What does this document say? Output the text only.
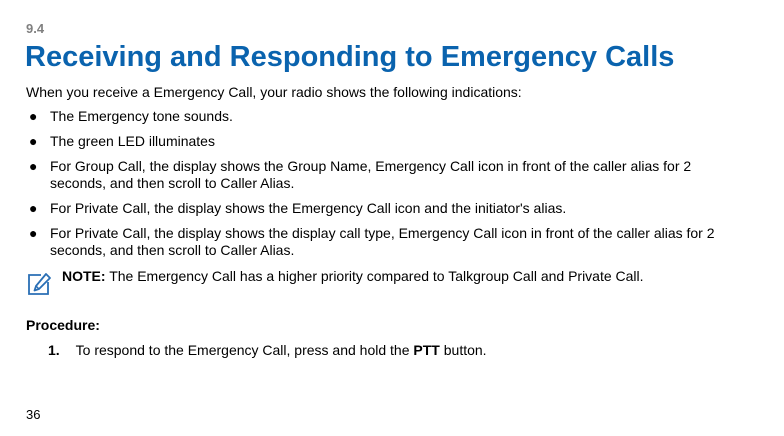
9.4
Receiving and Responding to Emergency Calls
When you receive a Emergency Call, your radio shows the following indications:
● The Emergency tone sounds.
● The green LED illuminates
● For Group Call, the display shows the Group Name, Emergency Call icon in front of the caller alias for 2 seconds, and then scroll to Caller Alias.
● For Private Call, the display shows the Emergency Call icon and the initiator's alias.
● For Private Call, the display shows the display call type, Emergency Call icon in front of the caller alias for 2 seconds, and then scroll to Caller Alias.
NOTE: The Emergency Call has a higher priority compared to Talkgroup Call and Private Call.
Procedure:
1. To respond to the Emergency Call, press and hold the PTT button.
36
